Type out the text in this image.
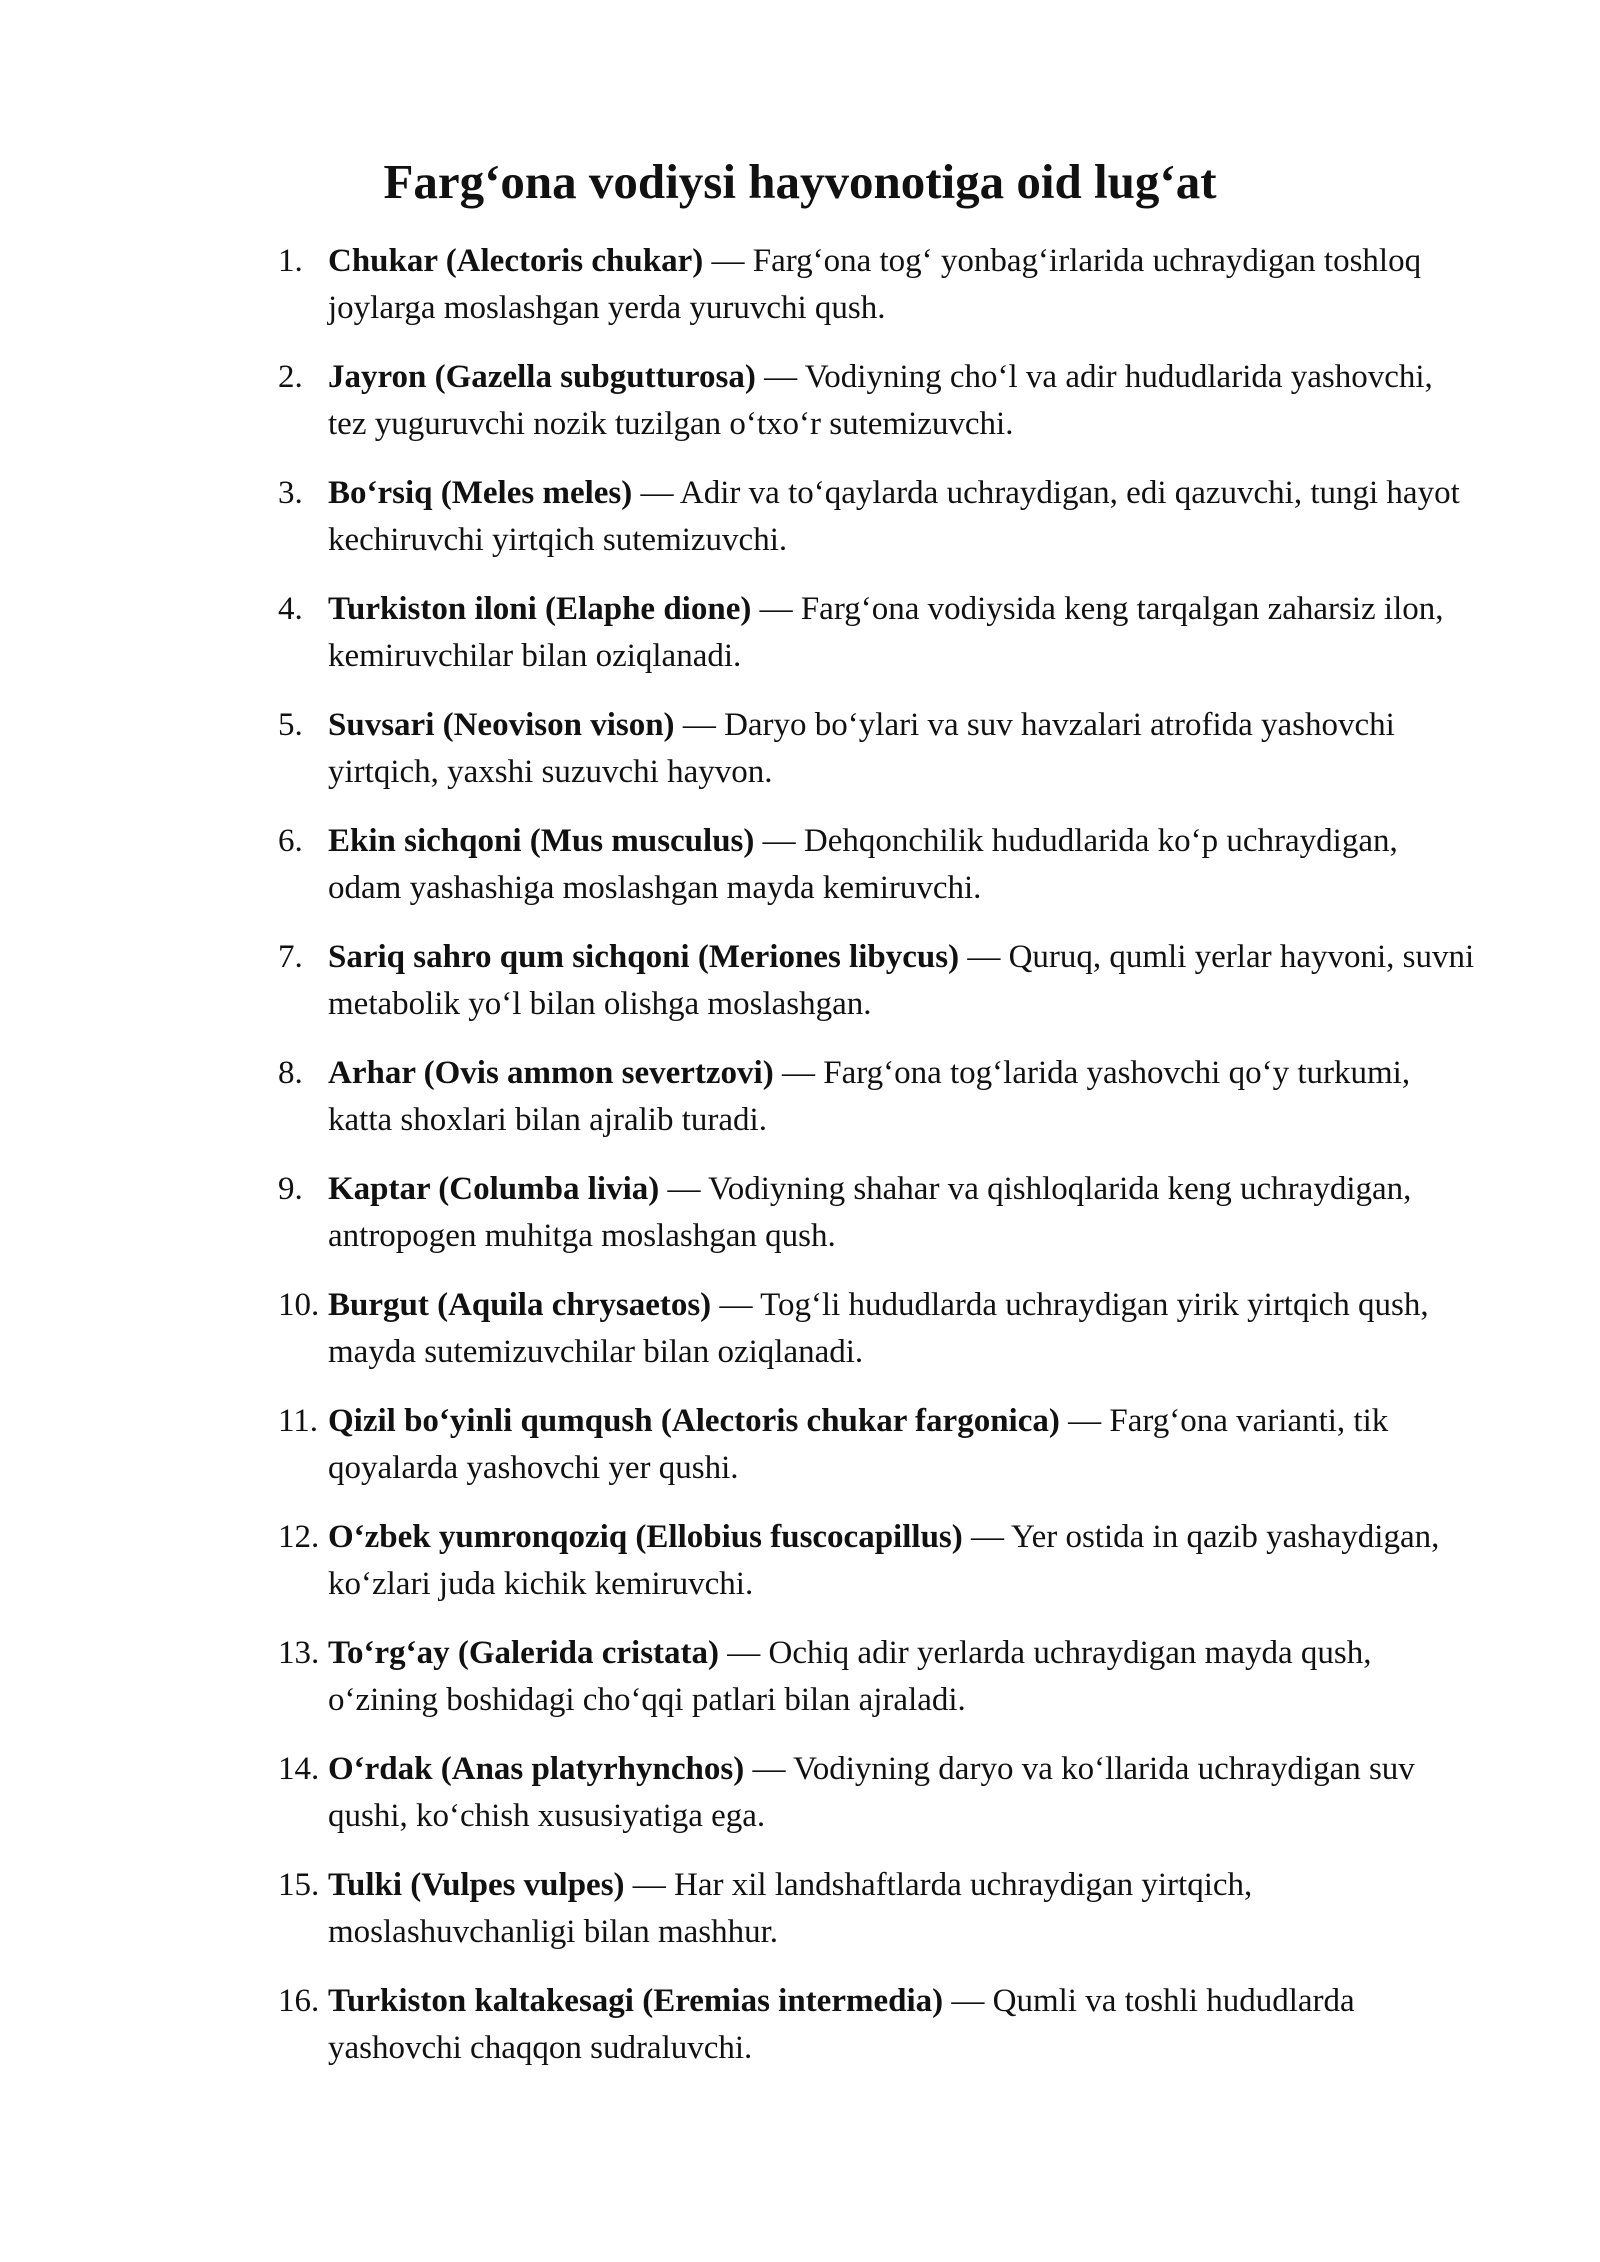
Farg‘ona vodiysi hayvonotiga oid lug‘at
1. Chukar (Alectoris chukar) — Farg‘ona tog‘ yonbag‘irlarida uchraydigan toshloq joylarga moslashgan yerda yuruvchi qush.
2. Jayron (Gazella subgutturosa) — Vodiyning cho‘l va adir hududlarida yashovchi, tez yuguruvchi nozik tuzilgan o‘txo‘r sutemizuvchi.
3. Bo‘rsiq (Meles meles) — Adir va to‘qaylarda uchraydigan, edi qazuvchi, tungi hayot kechiruvchi yirtqich sutemizuvchi.
4. Turkiston iloni (Elaphe dione) — Farg‘ona vodiysida keng tarqalgan zaharsiz ilon, kemiruvchilar bilan oziqlanadi.
5. Suvsari (Neovison vison) — Daryo bo‘ylari va suv havzalari atrofida yashovchi yirtqich, yaxshi suzuvchi hayvon.
6. Ekin sichqoni (Mus musculus) — Dehqonchilik hududlarida ko‘p uchraydigan, odam yashashiga moslashgan mayda kemiruvchi.
7. Sariq sahro qum sichqoni (Meriones libycus) — Quruq, qumli yerlar hayvoni, suvni metabolik yo‘l bilan olishga moslashgan.
8. Arhar (Ovis ammon severtzovi) — Farg‘ona tog‘larida yashovchi qo‘y turkumi, katta shoxlari bilan ajralib turadi.
9. Kaptar (Columba livia) — Vodiyning shahar va qishloqlarida keng uchraydigan, antropogen muhitga moslashgan qush.
10. Burgut (Aquila chrysaetos) — Tog‘li hududlarda uchraydigan yirik yirtqich qush, mayda sutemizuvchilar bilan oziqlanadi.
11. Qizil bo‘yinli qumqush (Alectoris chukar fargonica) — Farg‘ona varianti, tik qoyalarda yashovchi yer qushi.
12. O‘zbek yumronqoziq (Ellobius fuscocapillus) — Yer ostida in qazib yashaydigan, ko‘zlari juda kichik kemiruvchi.
13. To‘rg‘ay (Galerida cristata) — Ochiq adir yerlarda uchraydigan mayda qush, o‘zining boshidagi cho‘qqi patlari bilan ajraladi.
14. O‘rdak (Anas platyrhynchos) — Vodiyning daryo va ko‘llarida uchraydigan suv qushi, ko‘chish xususiyatiga ega.
15. Tulki (Vulpes vulpes) — Har xil landshaftlarda uchraydigan yirtqich, moslashuvchanligi bilan mashhur.
16. Turkiston kaltakesagi (Eremias intermedia) — Qumli va toshli hududlarda yashovchi chaqqon sudraluvchi.
